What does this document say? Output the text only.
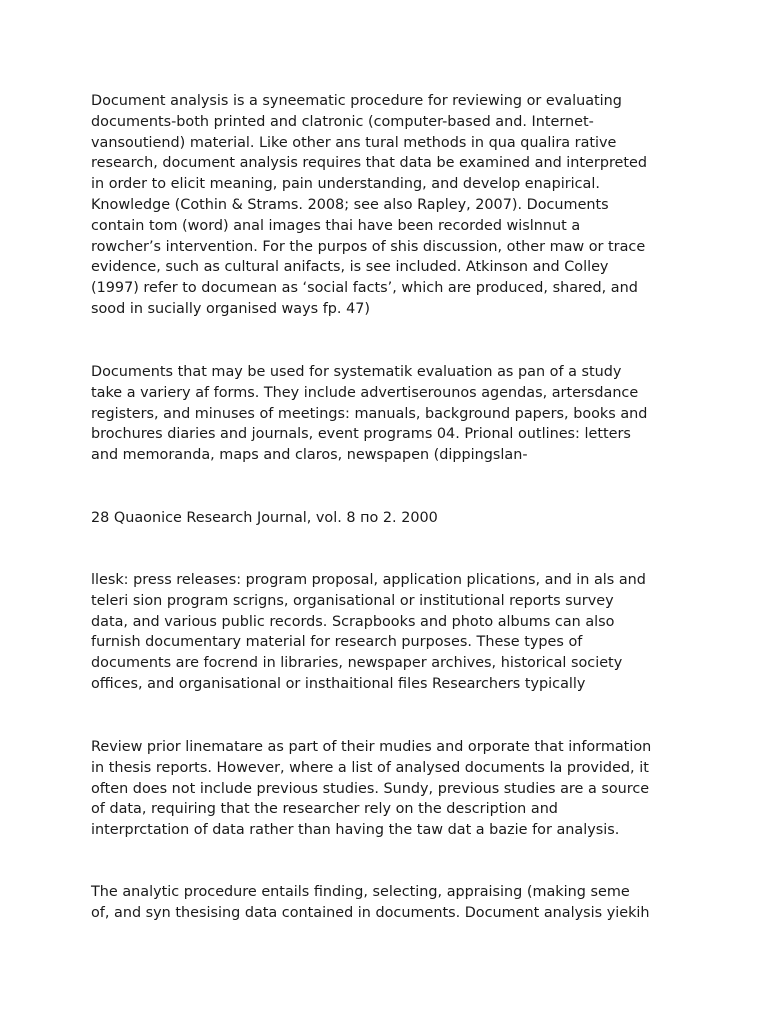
Document analysis is a syneematic procedure for reviewing or evaluating
documents-both printed and clatronic (computer-based and. Internet-
vansoutiend) material. Like other ans tural methods in qua qualira rative
research, document analysis requires that data be examined and interpreted
in order to elicit meaning, pain understanding, and develop enapirical.
Knowledge (Cothin & Strams. 2008; see also Rapley, 2007). Documents
contain tom (word) anal images thai have been recorded wislnnut a
rowcher’s intervention. For the purpos of shis discussion, other maw or trace
evidence, such as cultural anifacts, is see included. Atkinson and Colley
(1997) refer to documean as ‘social facts’, which are produced, shared, and
sood in sucially organised ways fp. 47)

Documents that may be used for systematik evaluation as pan of a study
take a variery af forms. They include advertiserounos agendas, artersdance
registers, and minuses of meetings: manuals, background papers, books and
brochures diaries and journals, event programs 04. Prional outlines: letters
and memoranda, maps and claros, newspapen (dippingslan-

28 Quaonice Research Journal, vol. 8 по 2. 2000

llesk: press releases: program proposal, application plications, and in als and
teleri sion program scrigns, organisational or institutional reports survey
data, and various public records. Scrapbooks and photo albums can also
furnish documentary material for research purposes. These types of
documents are focrend in libraries, newspaper archives, historical society
offices, and organisational or insthaitional files Researchers typically

Review prior linematare as part of their mudies and orporate that information
in thesis reports. However, where a list of analysed documents la provided, it
often does not include previous studies. Sundy, previous studies are a source
of data, requiring that the researcher rely on the description and
interprctation of data rather than having the taw dat a bazie for analysis.

The analytic procedure entails finding, selecting, appraising (making seme
of, and syn thesising data contained in documents. Document analysis yiekih
